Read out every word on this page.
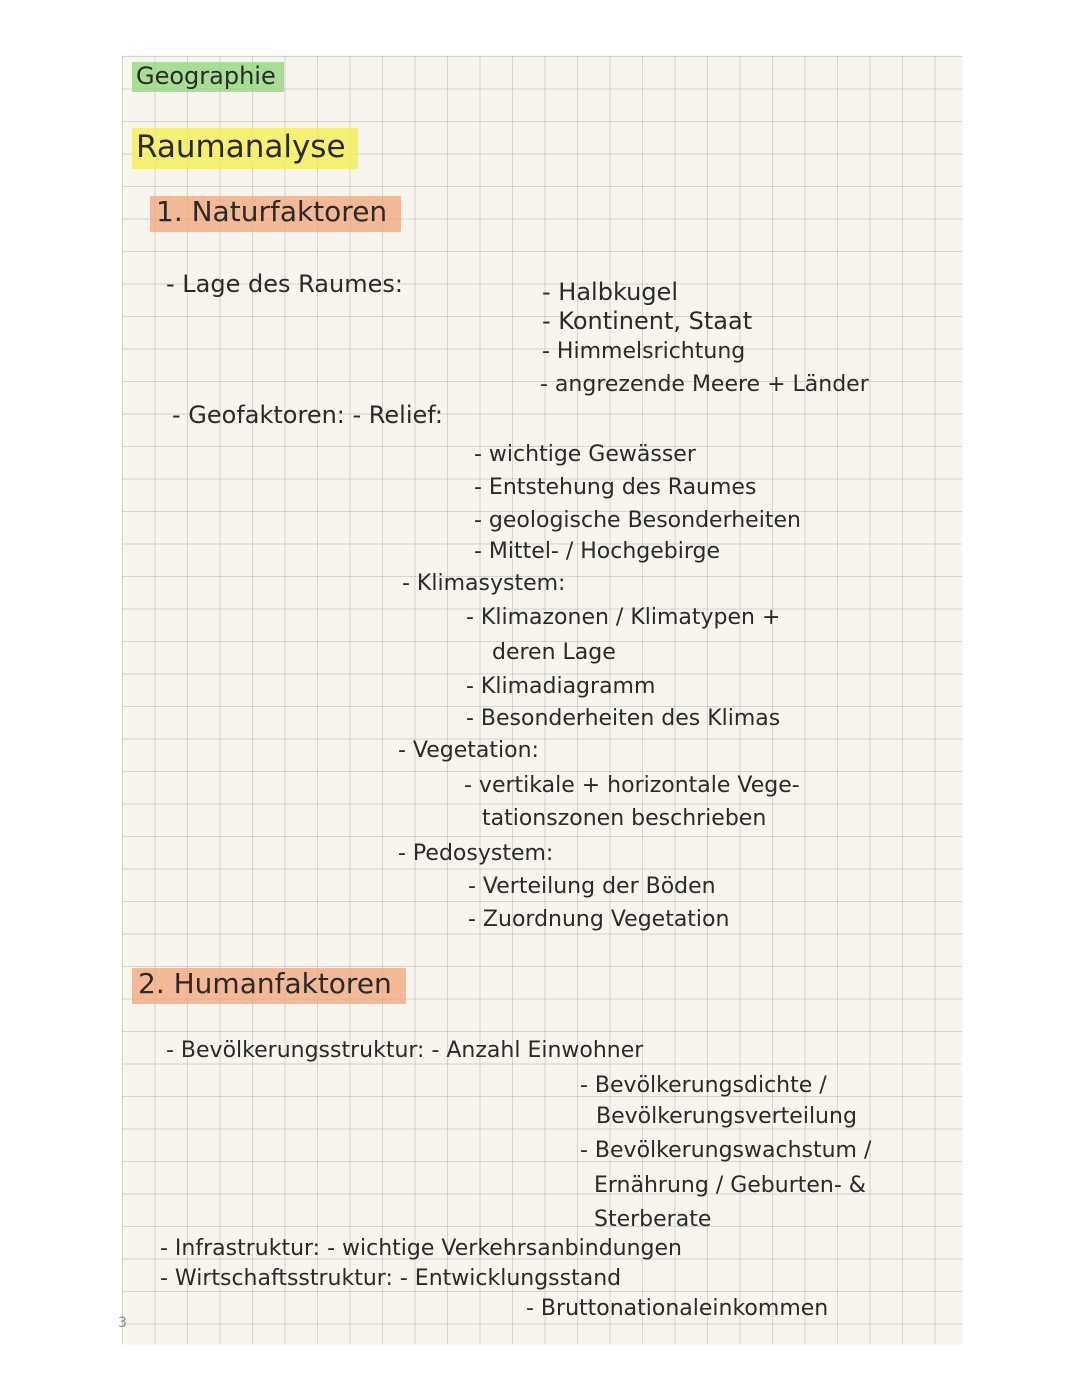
3
Geographie
Raumanalyse
1. Naturfaktoren
- Lage des Raumes:	- Halbkugel
- Kontinent, Staat
- Himmelsrichtung
- angrezende Meere + Länder
- Geofaktoren: - Relief:
- wichtige Gewässer
- Entstehung des Raumes
- geologische Besonderheiten
- Mittel- / Hochgebirge
- Klimasystem:
- Klimazonen / Klimatypen +
deren Lage
- Klimadiagramm
- Besonderheiten des Klimas
- Vegetation:
- vertikale + horizontale Vege-
tationszonen beschrieben
- Pedosystem:
- Verteilung der Böden
- Zuordnung Vegetation
2. Humanfaktoren
- Bevölkerungsstruktur: - Anzahl Einwohner
- Bevölkerungsdichte /
Bevölkerungsverteilung
- Bevölkerungswachstum /
Ernährung / Geburten- &
Sterberate
- Infrastruktur: - wichtige Verkehrsanbindungen
- Wirtschaftsstruktur: - Entwicklungsstand
- Bruttonationaleinkommen
